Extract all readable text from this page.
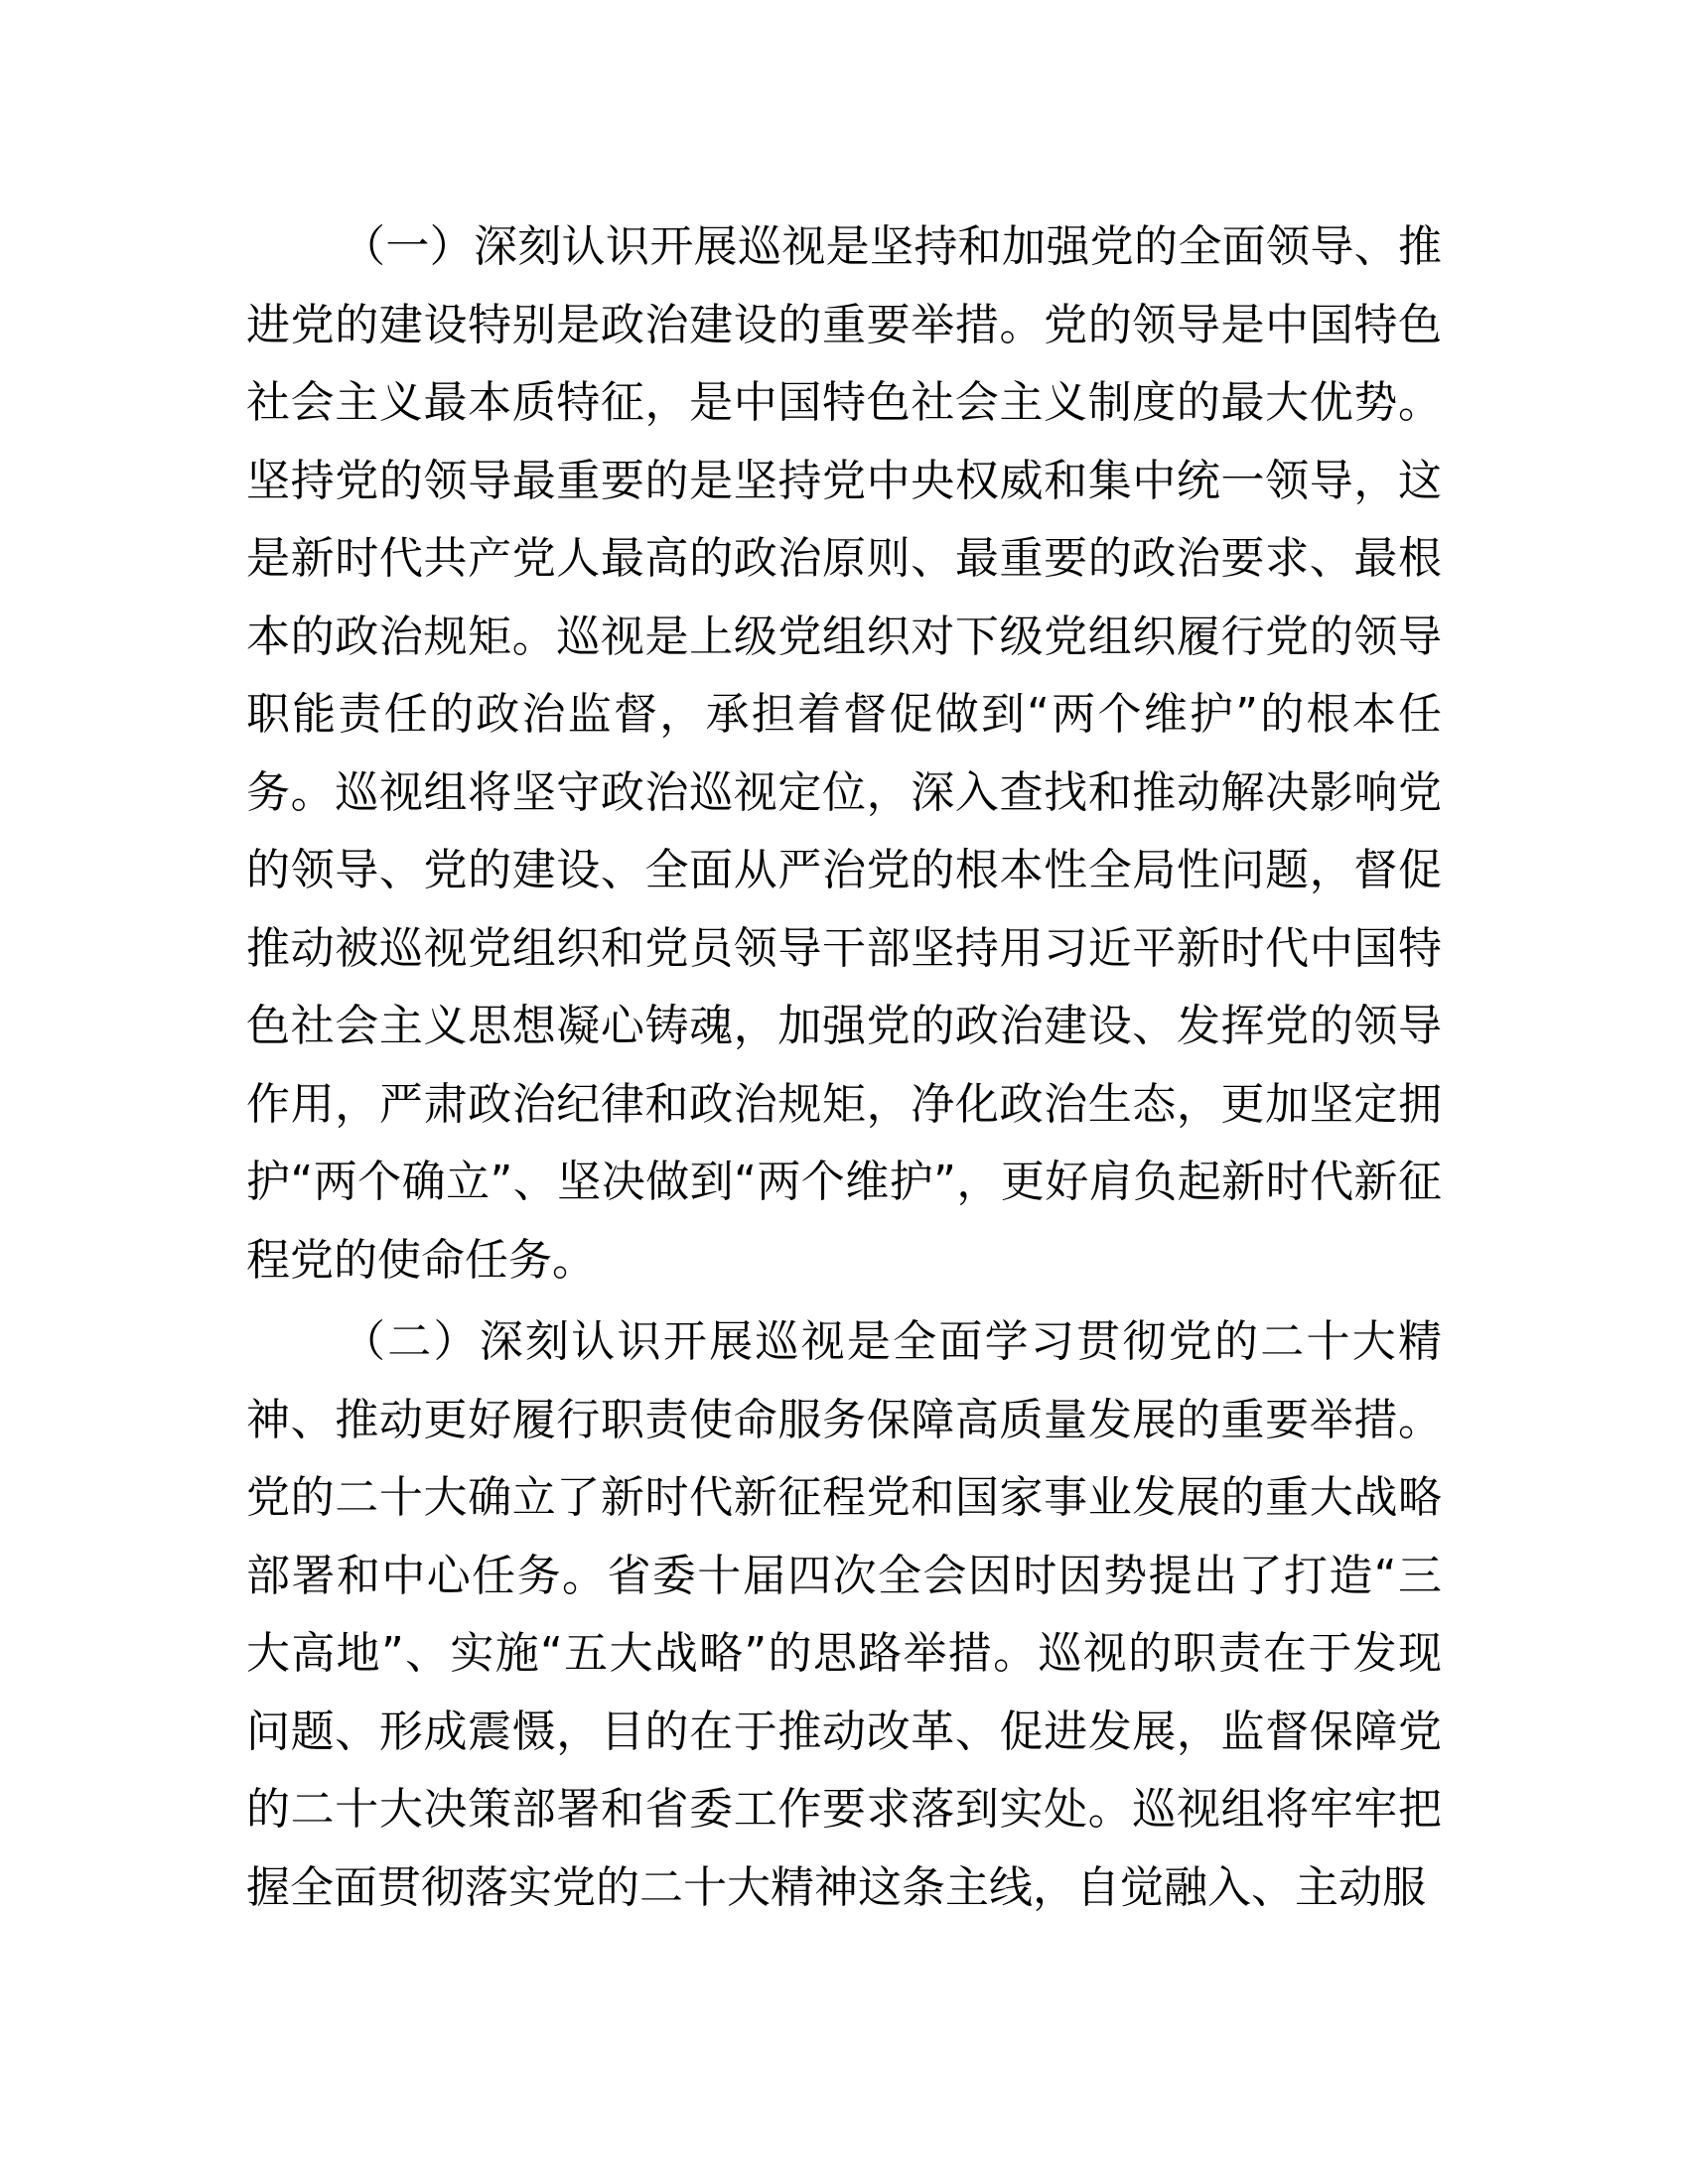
（一）深刻认识开展巡视是坚持和加强党的全面领导、推进党的建设特别是政治建设的重要举措。党的领导是中国特色社会主义最本质特征，是中国特色社会主义制度的最大优势。坚持党的领导最重要的是坚持党中央权威和集中统一领导，这是新时代共产党人最高的政治原则、最重要的政治要求、最根本的政治规矩。巡视是上级党组织对下级党组织履行党的领导职能责任的政治监督，承担着督促做到“两个维护”的根本任务。巡视组将坚守政治巡视定位，深入查找和推动解决影响党的领导、党的建设、全面从严治党的根本性全局性问题，督促推动被巡视党组织和党员领导干部坚持用习近平新时代中国特色社会主义思想凝心铸魂，加强党的政治建设、发挥党的领导作用，严肃政治纪律和政治规矩，净化政治生态，更加坚定拥护“两个确立”、坚决做到“两个维护”，更好肩负起新时代新征程党的使命任务。

（二）深刻认识开展巡视是全面学习贯彻党的二十大精神、推动更好履行职责使命服务保障高质量发展的重要举措。党的二十大确立了新时代新征程党和国家事业发展的重大战略部署和中心任务。省委十届四次全会因时因势提出了打造“三大高地”、实施“五大战略”的思路举措。巡视的职责在于发现问题、形成震慑，目的在于推动改革、促进发展，监督保障党的二十大决策部署和省委工作要求落到实处。巡视组将牢牢把握全面贯彻落实党的二十大精神这条主线，自觉融入、主动服
